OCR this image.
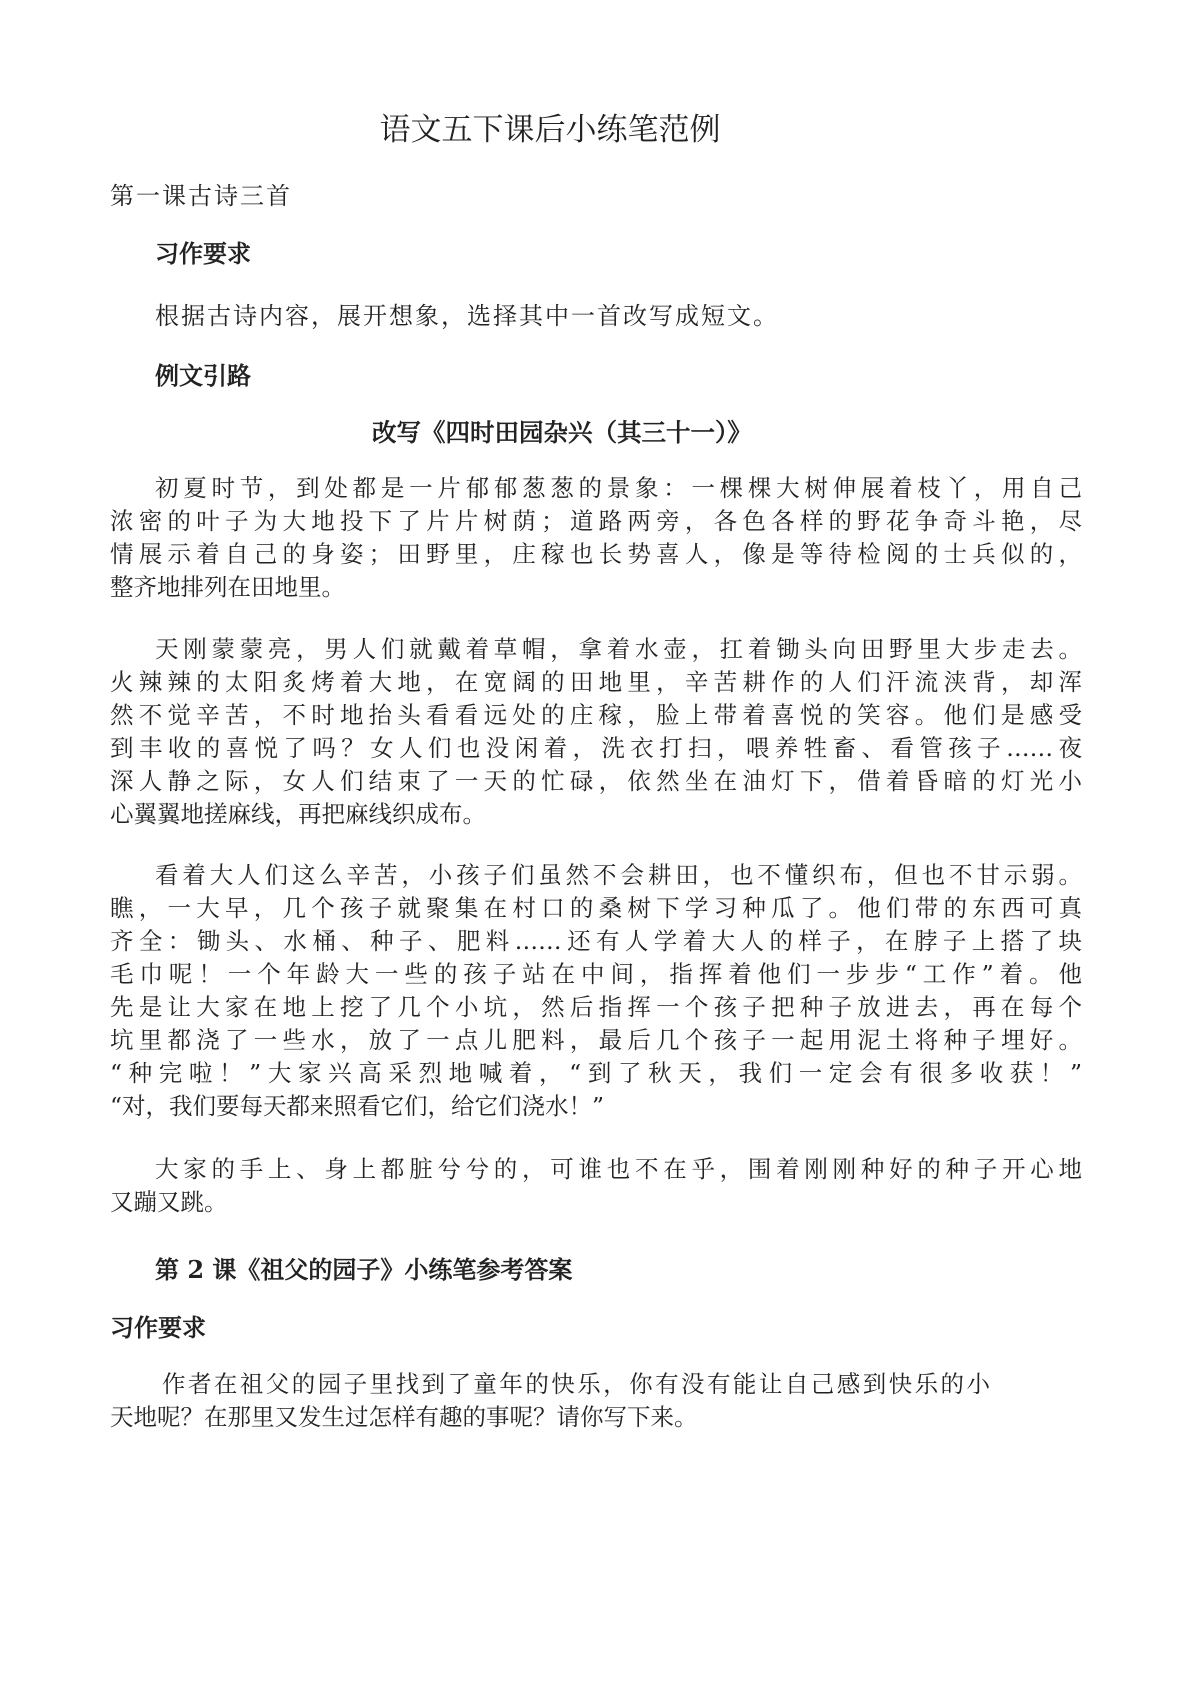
语文五下课后小练笔范例
第一课古诗三首
习作要求
根据古诗内容，展开想象，选择其中一首改写成短文。
例文引路
改写《四时田园杂兴（其三十一）》
初夏时节，到处都是一片郁郁葱葱的景象：一棵棵大树伸展着枝丫，用自己
浓密的叶子为大地投下了片片树荫；道路两旁，各色各样的野花争奇斗艳，尽
情展示着自己的身姿；田野里，庄稼也长势喜人，像是等待检阅的士兵似的，
整齐地排列在田地里。
天刚蒙蒙亮，男人们就戴着草帽，拿着水壶，扛着锄头向田野里大步走去。
火辣辣的太阳炙烤着大地，在宽阔的田地里，辛苦耕作的人们汗流浃背，却浑
然不觉辛苦，不时地抬头看看远处的庄稼，脸上带着喜悦的笑容。他们是感受
到丰收的喜悦了吗？女人们也没闲着，洗衣打扫，喂养牲畜、看管孩子……夜
深人静之际，女人们结束了一天的忙碌，依然坐在油灯下，借着昏暗的灯光小
心翼翼地搓麻线，再把麻线织成布。
看着大人们这么辛苦，小孩子们虽然不会耕田，也不懂织布，但也不甘示弱。
瞧，一大早，几个孩子就聚集在村口的桑树下学习种瓜了。他们带的东西可真
齐全：锄头、水桶、种子、肥料……还有人学着大人的样子，在脖子上搭了块
毛巾呢！一个年龄大一些的孩子站在中间，指挥着他们一步步“工作”着。他
先是让大家在地上挖了几个小坑，然后指挥一个孩子把种子放进去，再在每个
坑里都浇了一些水，放了一点儿肥料，最后几个孩子一起用泥土将种子埋好。
“种完啦！”大家兴高采烈地喊着，“到了秋天，我们一定会有很多收获！”
“对，我们要每天都来照看它们，给它们浇水！”
大家的手上、身上都脏兮兮的，可谁也不在乎，围着刚刚种好的种子开心地
又蹦又跳。
第 2 课《祖父的园子》小练笔参考答案
习作要求
作者在祖父的园子里找到了童年的快乐，你有没有能让自己感到快乐的小
天地呢？在那里又发生过怎样有趣的事呢？请你写下来。
